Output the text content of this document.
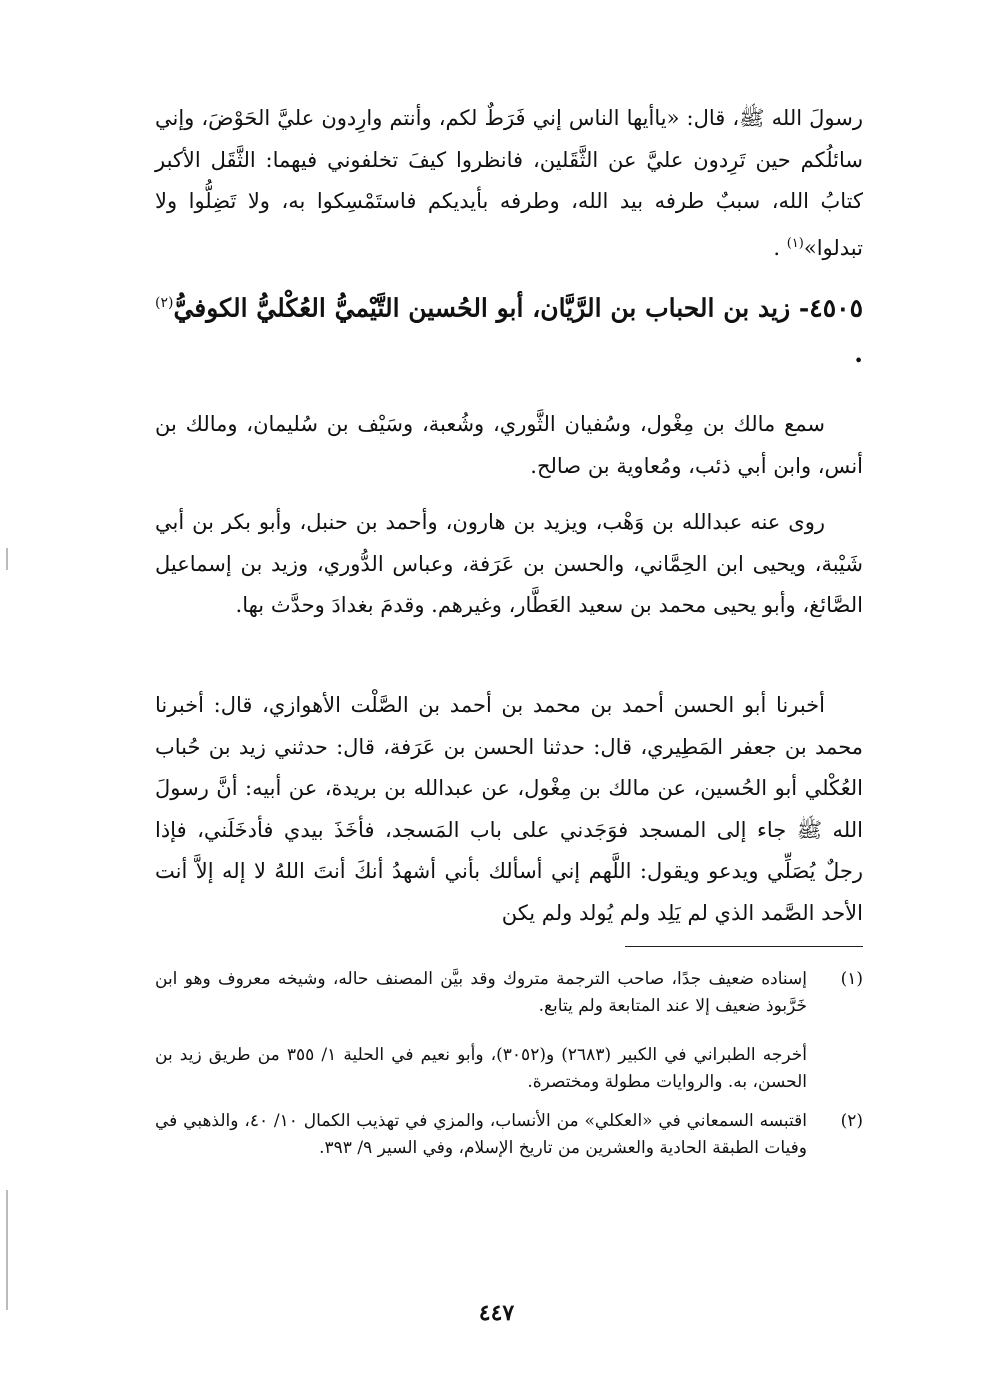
رسولَ الله ﷺ، قال: «ياأيها الناس إني فَرَطٌ لكم، وأنتم وارِدون عليَّ الحَوْضَ، وإني سائلُكم حين تَرِدون عليَّ عن الثَّقَلين، فانظروا كيفَ تخلفوني فيهما: الثَّقَل الأكبر كتابُ الله، سببٌ طرفه بيد الله، وطرفه بأيديكم فاستَمْسِكوا به، ولا تَضِلُّوا ولا تبدلوا»$^{(١)}$ .

٤٥٠٥- زيد بن الحباب بن الرَّيَّان، أبو الحُسين التَّيْميُّ العُكْليُّ الكوفيُّ$^{(٢)}$ .

سمع مالك بن مِغْول، وسُفيان الثَّوري، وشُعبة، وسَيْف بن سُليمان، ومالك بن أنس، وابن أبي ذئب، ومُعاوية بن صالح.

روى عنه عبدالله بن وَهْب، ويزيد بن هارون، وأحمد بن حنبل، وأبو بكر بن أبي شَيْبة، ويحيى ابن الحِمَّاني، والحسن بن عَرَفة، وعباس الدُّوري، وزيد بن إسماعيل الصَّائغ، وأبو يحيى محمد بن سعيد العَطَّار، وغيرهم. وقدمَ بغدادَ وحدَّث بها.

أخبرنا أبو الحسن أحمد بن محمد بن أحمد بن الصَّلْت الأهوازي، قال: أخبرنا محمد بن جعفر المَطِيري، قال: حدثنا الحسن بن عَرَفة، قال: حدثني زيد بن حُباب العُكْلي أبو الحُسين، عن مالك بن مِغْول، عن عبدالله بن بريدة، عن أبيه: أنَّ رسولَ الله ﷺ جاء إلى المسجد فوَجَدني على باب المَسجد، فأخَذَ بيدي فأدخَلَني، فإذا رجلٌ يُصَلِّي ويدعو ويقول: اللَّهم إني أسألك بأني أشهدُ أنكَ أنتَ اللهُ لا إله إلاَّ أنت الأحد الصَّمد الذي لم يَلِد ولم يُولد ولم يكن

(١)
إسناده ضعيف جدًا، صاحب الترجمة متروك وقد بيَّن المصنف حاله، وشيخه معروف وهو ابن خَرَّبوذ ضعيف إلا عند المتابعة ولم يتابع.
أخرجه الطبراني في الكبير (٢٦٨٣) و(٣٠٥٢)، وأبو نعيم في الحلية ١/ ٣٥٥ من طريق زيد بن الحسن، به. والروايات مطولة ومختصرة.
(٢)
اقتبسه السمعاني في «العكلي» من الأنساب، والمزي في تهذيب الكمال ١٠/ ٤٠، والذهبي في وفيات الطبقة الحادية والعشرين من تاريخ الإسلام، وفي السير ٩/ ٣٩٣.
٤٤٧
